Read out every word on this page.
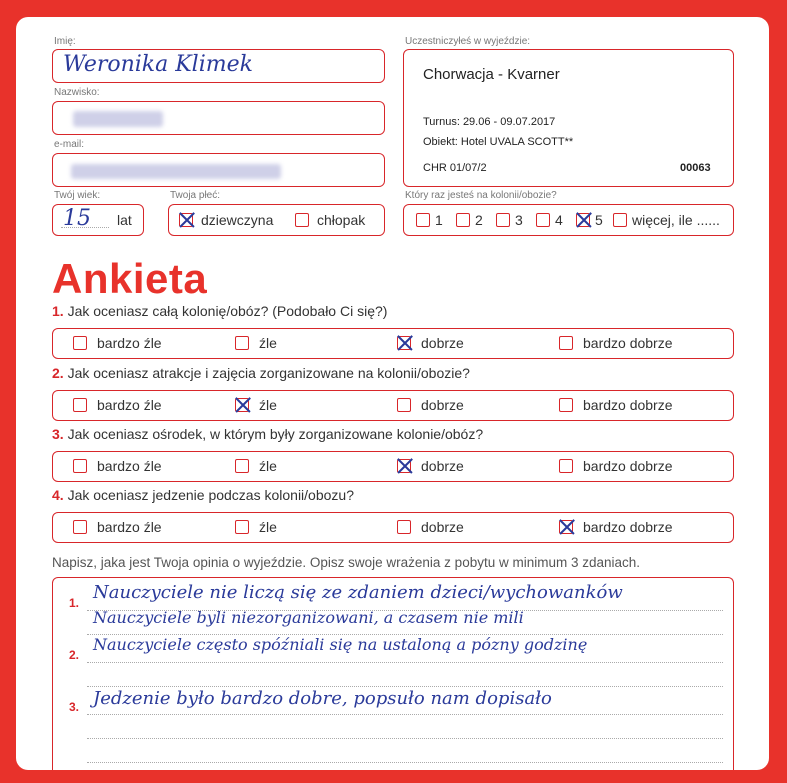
Imię:
Weronika Klimek
Nazwisko:
e-mail:
Twój wiek:
15 lat
Twoja płeć:
dziewczyna	chłopak
Uczestniczyłeś w wyjeździe:
Chorwacja - Kvarner
Turnus: 29.06 - 09.07.2017
Obiekt: Hotel UVALA SCOTT**
CHR 01/07/2	00063
Który raz jesteś na kolonii/obozie?
1 2 3 4 5 więcej, ile ......
Ankieta
1. Jak oceniasz całą kolonię/obóz? (Podobało Ci się?)
bardzo źle	źle	dobrze	bardzo dobrze
2. Jak oceniasz atrakcje i zajęcia zorganizowane na kolonii/obozie?
bardzo źle	źle	dobrze	bardzo dobrze
3. Jak oceniasz ośrodek, w którym były zorganizowane kolonie/obóz?
bardzo źle	źle	dobrze	bardzo dobrze
4. Jak oceniasz jedzenie podczas kolonii/obozu?
bardzo źle	źle	dobrze	bardzo dobrze
Napisz, jaka jest Twoja opinia o wyjeździe. Opisz swoje wrażenia z pobytu w minimum 3 zdaniach.
1.
2.
3.
Nauczyciele nie liczą się ze zdaniem dzieci/wychowanków
Nauczyciele byli niezorganizowani, a czasem nie mili
Nauczyciele często spóźniali się na ustaloną a pózny godzinę
Jedzenie było bardzo dobre, popsuło nam dopisało
